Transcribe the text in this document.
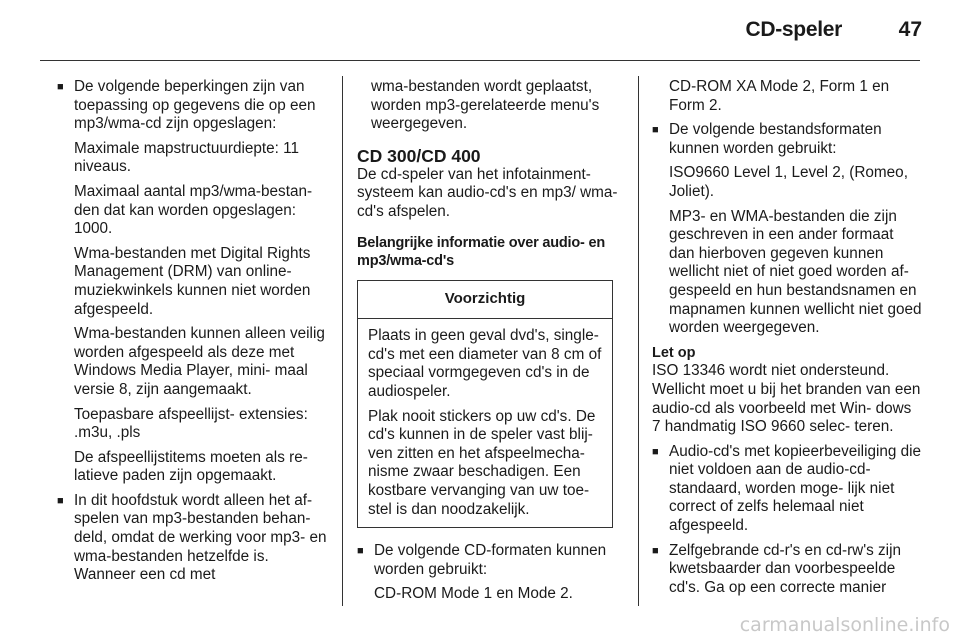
CD-speler	47
■ De volgende beperkingen zijn van toepassing op gegevens die op een mp3/wma-cd zijn opgeslagen:
Maximale mapstructuurdiepte: 11 niveaus.
Maximaal aantal mp3/wma-bestan- den dat kan worden opgeslagen: 1000.
Wma-bestanden met Digital Rights Management (DRM) van online- muziekwinkels kunnen niet worden afgespeeld.
Wma-bestanden kunnen alleen veilig worden afgespeeld als deze met Windows Media Player, mini- maal versie 8, zijn aangemaakt.
Toepasbare afspeellijst- extensies: .m3u, .pls
De afspeellijstitems moeten als re- latieve paden zijn opgemaakt.
■ In dit hoofdstuk wordt alleen het af- spelen van mp3-bestanden behan- deld, omdat de werking voor mp3- en wma-bestanden hetzelfde is. Wanneer een cd met
wma-bestanden wordt geplaatst, worden mp3-gerelateerde menu's weergegeven.
CD 300/CD 400
De cd-speler van het infotainment- systeem kan audio-cd's en mp3/ wma-cd's afspelen.
Belangrijke informatie over audio- en mp3/wma-cd's
Voorzichtig
Plaats in geen geval dvd's, single- cd's met een diameter van 8 cm of speciaal vormgegeven cd's in de audiospeler.
Plak nooit stickers op uw cd's. De cd's kunnen in de speler vast blij- ven zitten en het afspeelmecha- nisme zwaar beschadigen. Een kostbare vervanging van uw toe- stel is dan noodzakelijk.
■ De volgende CD-formaten kunnen worden gebruikt:
CD-ROM Mode 1 en Mode 2.
CD-ROM XA Mode 2, Form 1 en Form 2.
■ De volgende bestandsformaten kunnen worden gebruikt:
ISO9660 Level 1, Level 2, (Romeo, Joliet).
MP3- en WMA-bestanden die zijn geschreven in een ander formaat dan hierboven gegeven kunnen wellicht niet of niet goed worden af- gespeeld en hun bestandsnamen en mapnamen kunnen wellicht niet goed worden weergegeven.
Let op
ISO 13346 wordt niet ondersteund. Wellicht moet u bij het branden van een audio-cd als voorbeeld met Win- dows 7 handmatig ISO 9660 selec- teren.
■ Audio-cd's met kopieerbeveiliging die niet voldoen aan de audio-cd-standaard, worden moge- lijk niet correct of zelfs helemaal niet afgespeeld.
■ Zelfgebrande cd-r's en cd-rw's zijn kwetsbaarder dan voorbespeelde cd's. Ga op een correcte manier
carmanualsonline.info
